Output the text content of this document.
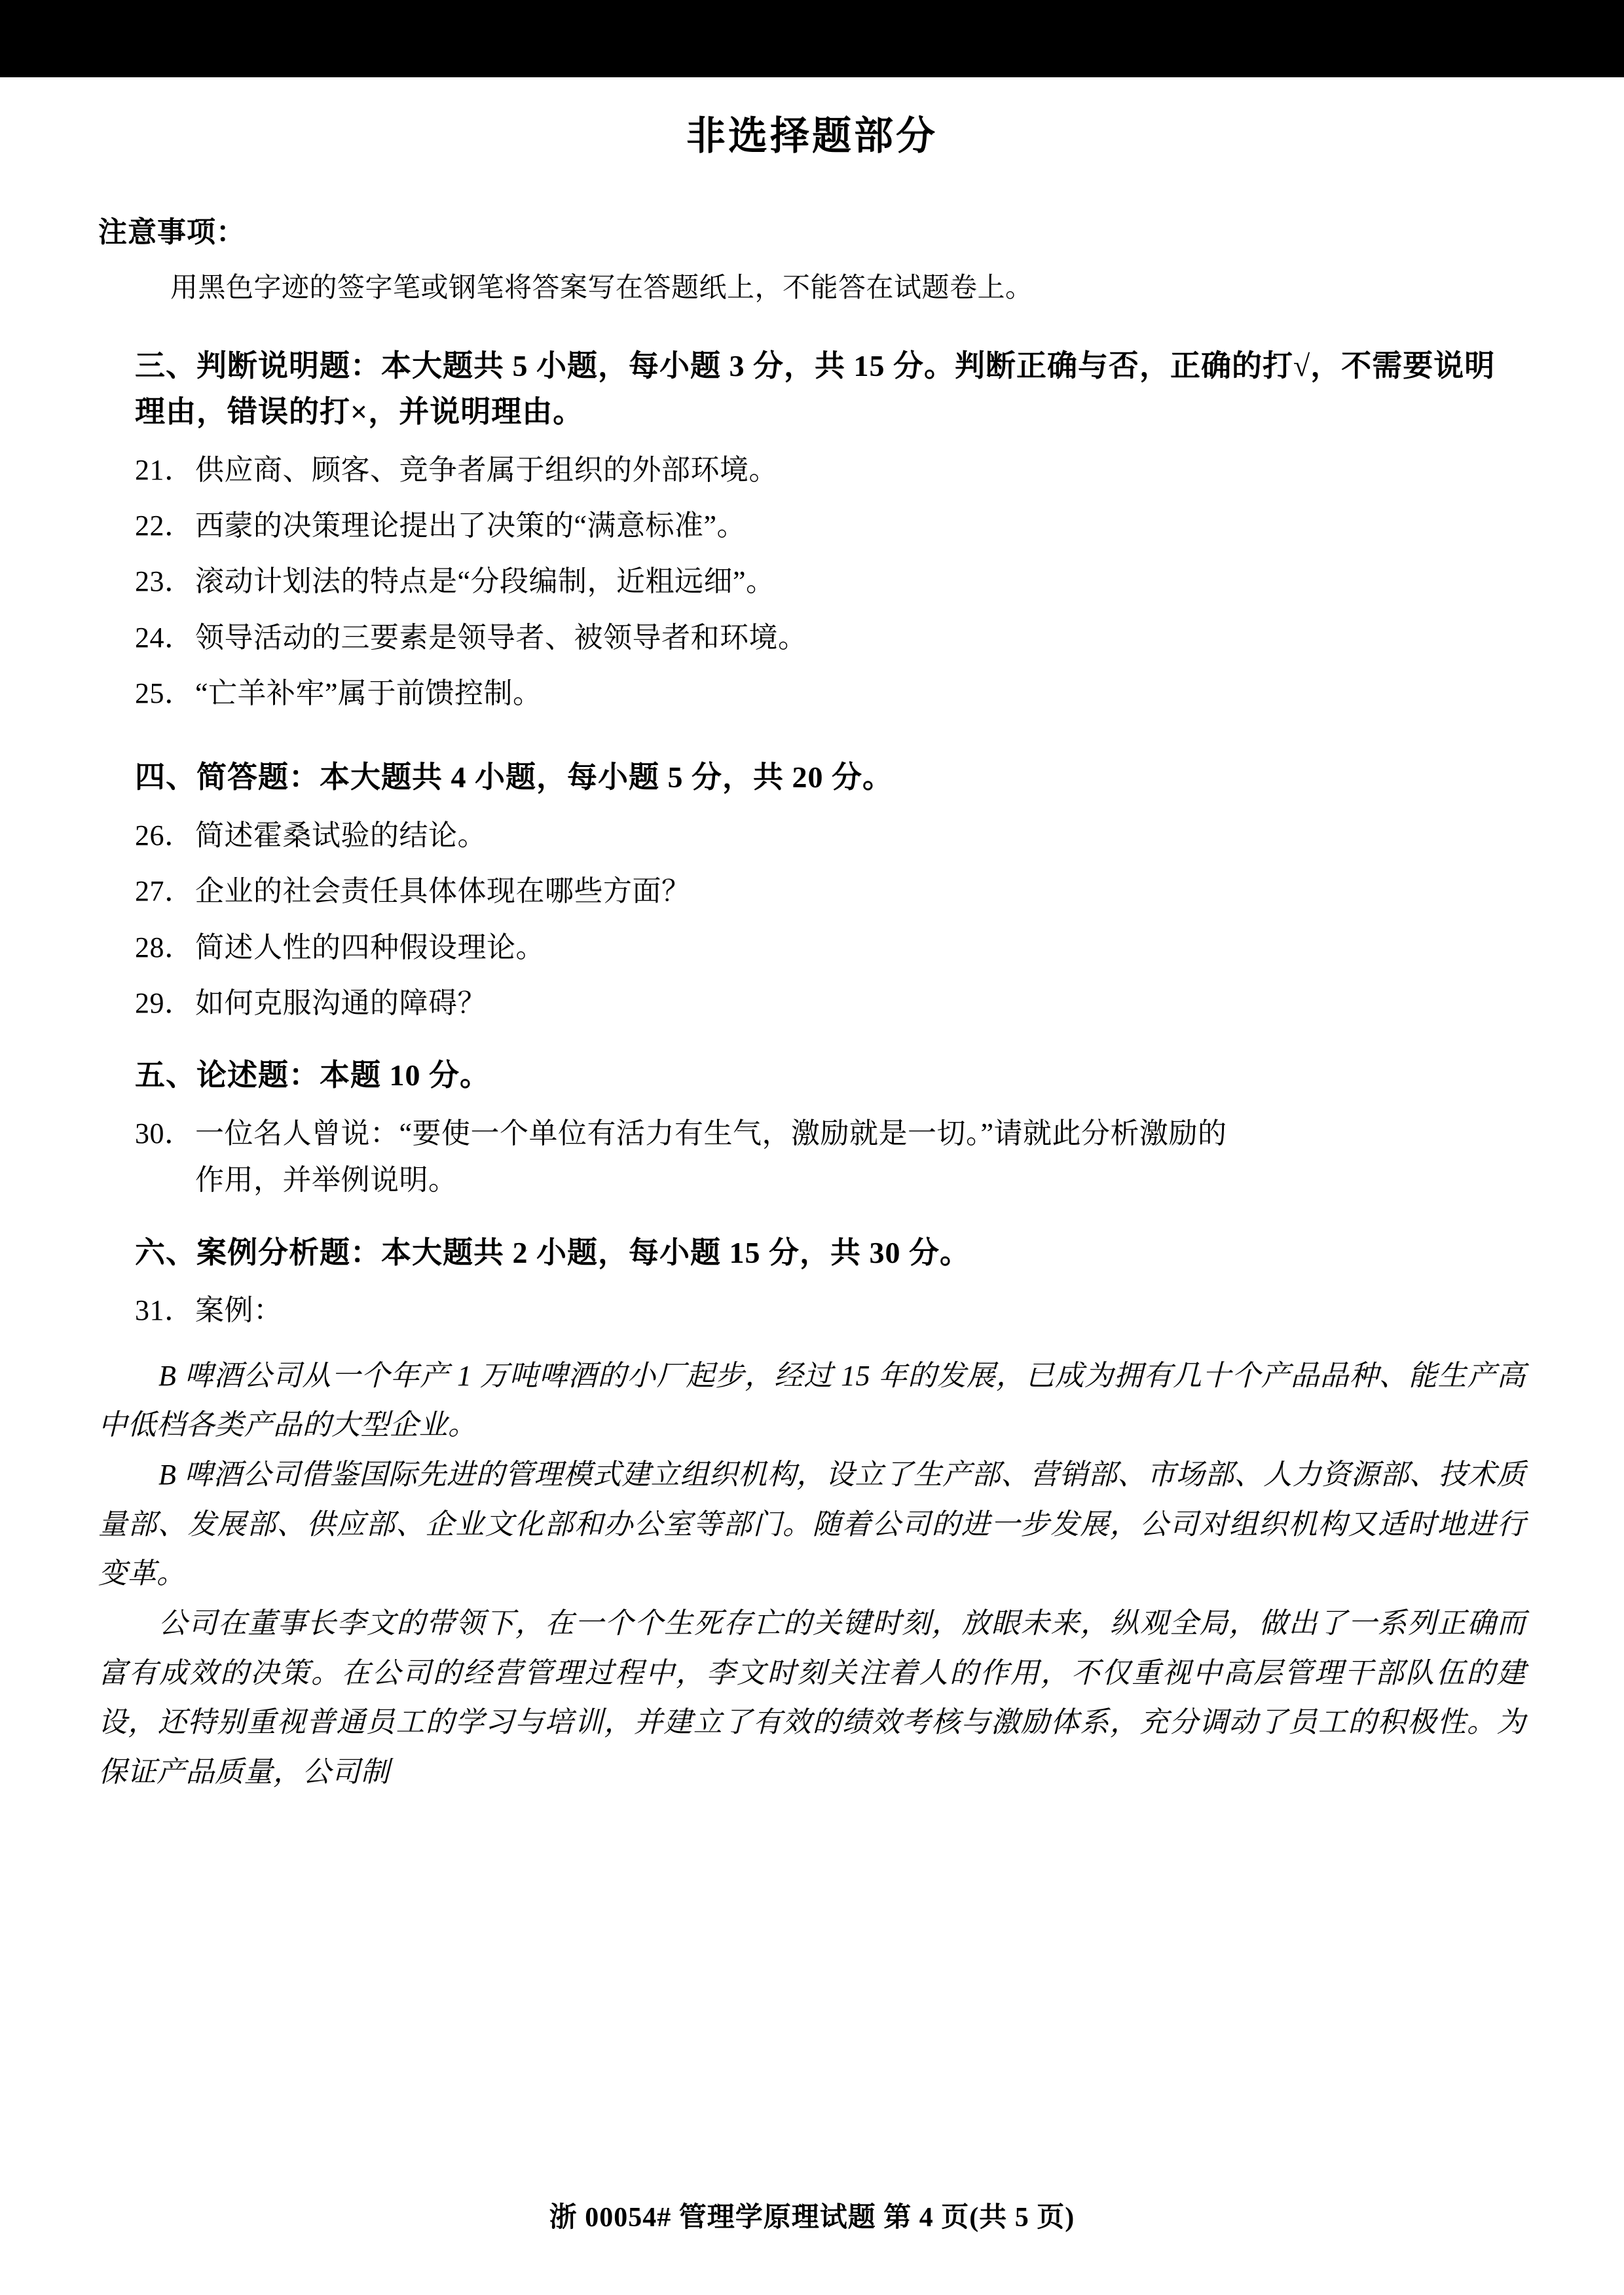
非选择题部分
注意事项：
用黑色字迹的签字笔或钢笔将答案写在答题纸上，不能答在试题卷上。
三、判断说明题：本大题共 5 小题，每小题 3 分，共 15 分。判断正确与否，正确的打√，不需要说明理由，错误的打×，并说明理由。
21．供应商、顾客、竞争者属于组织的外部环境。
22．西蒙的决策理论提出了决策的“满意标准”。
23．滚动计划法的特点是“分段编制，近粗远细”。
24．领导活动的三要素是领导者、被领导者和环境。
25．“亡羊补牢”属于前馈控制。
四、简答题：本大题共 4 小题，每小题 5 分，共 20 分。
26．简述霍桑试验的结论。
27．企业的社会责任具体体现在哪些方面？
28．简述人性的四种假设理论。
29．如何克服沟通的障碍？
五、论述题：本题 10 分。
30．一位名人曾说：“要使一个单位有活力有生气，激励就是一切。”请就此分析激励的
作用，并举例说明。
六、案例分析题：本大题共 2 小题，每小题 15 分，共 30 分。
31．案例：

B 啤酒公司从一个年产 1 万吨啤酒的小厂起步，经过 15 年的发展，已成为拥有几十个产品品种、能生产高中低档各类产品的大型企业。

B 啤酒公司借鉴国际先进的管理模式建立组织机构，设立了生产部、营销部、市场部、人力资源部、技术质量部、发展部、供应部、企业文化部和办公室等部门。随着公司的进一步发展，公司对组织机构又适时地进行变革。

公司在董事长李文的带领下，在一个个生死存亡的关键时刻，放眼未来，纵观全局，做出了一系列正确而富有成效的决策。在公司的经营管理过程中，李文时刻关注着人的作用，不仅重视中高层管理干部队伍的建设，还特别重视普通员工的学习与培训，并建立了有效的绩效考核与激励体系，充分调动了员工的积极性。为保证产品质量，公司制

浙 00054# 管理学原理试题 第 4 页(共 5 页)
